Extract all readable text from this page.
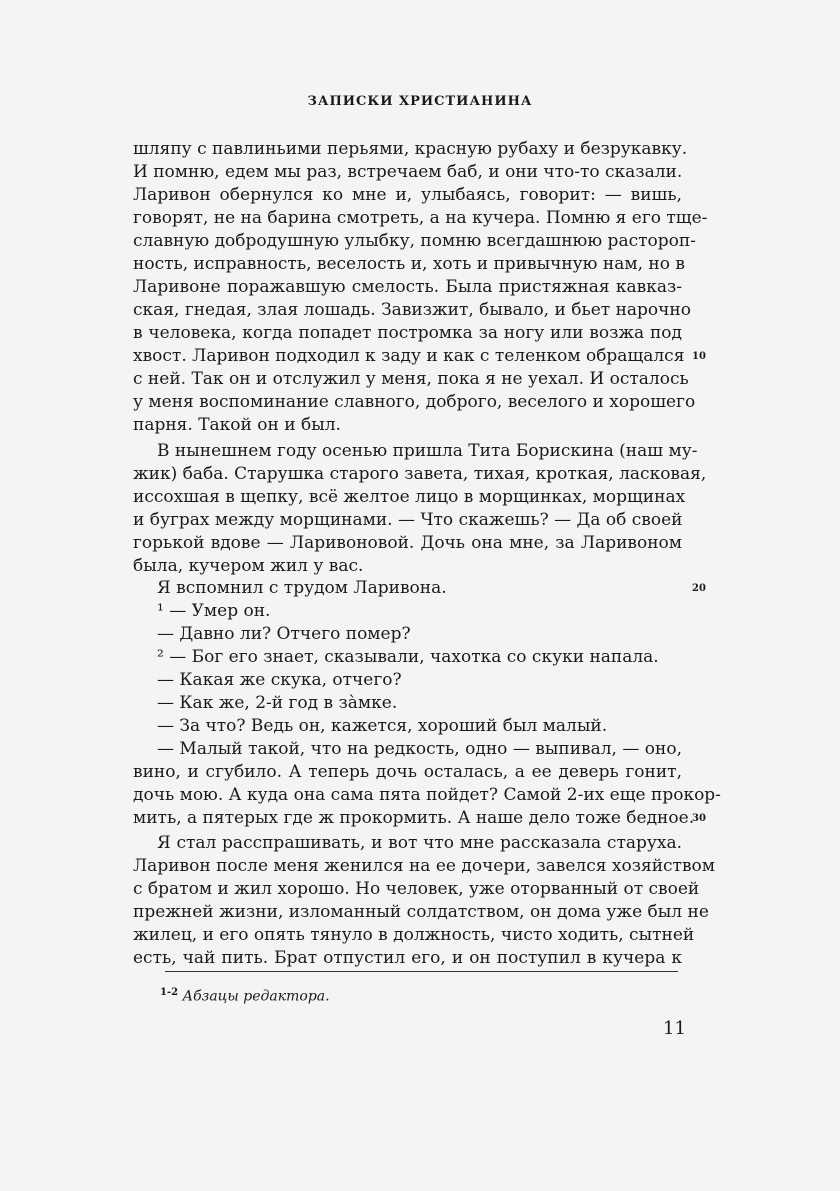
ЗАПИСКИ ХРИСТИАНИНА
шляпу с павлиньими перьями, красную рубаху и безрукавку.
И помню, едем мы раз, встречаем баб, и они что-то сказали.
Ларивон обернулся ко мне и, улыбаясь, говорит: — вишь,
говорят, не на барина смотреть, а на кучера. Помню я его тще-
славную добродушную улыбку, помню всегдашнюю растороп-
ность, исправность, веселость и, хоть и привычную нам, но в
Ларивоне поражавшую смелость. Была пристяжная кавказ-
ская, гнедая, злая лошадь. Завизжит, бывало, и бьет нарочно
в человека, когда попадет постромка за ногу или возжа под
хвост. Ларивон подходил к заду и как с теленком обращался
с ней. Так он и отслужил у меня, пока я не уехал. И осталось
у меня воспоминание славного, доброго, веселого и хорошего
парня. Такой он и был.
В нынешнем году осенью пришла Тита Борискина (наш му-
жик) баба. Старушка старого завета, тихая, кроткая, ласковая,
иссохшая в щепку, всё желтое лицо в морщинках, морщинах
и буграх между морщинами. — Что скажешь? — Да об своей
горькой вдове — Ларивоновой. Дочь она мне, за Ларивоном
была, кучером жил у вас.
Я вспомнил с трудом Ларивона.
¹ — Умер он.
— Давно ли? Отчего помер?
² — Бог его знает, сказывали, чахотка со скуки напала.
— Какая же скука, отчего?
— Как же, 2-й год в за̀мке.
— За что? Ведь он, кажется, хороший был малый.
— Малый такой, что на редкость, одно — выпивал, — оно,
вино, и сгубило. А теперь дочь осталась, а ее деверь гонит,
дочь мою. А куда она сама пята пойдет? Самой 2-их еще прокор-
мить, а пятерых где ж прокормить. А наше дело тоже бедное.
Я стал расспрашивать, и вот что мне рассказала старуха.
Ларивон после меня женился на ее дочери, завелся хозяйством
с братом и жил хорошо. Но человек, уже оторванный от своей
прежней жизни, изломанный солдатством, он дома уже был не
жилец, и его опять тянуло в должность, чисто ходить, сытней
есть, чай пить. Брат отпустил его, и он поступил в кучера к
10
20
30
$^{1-2}$ Абзацы редактора.
11
